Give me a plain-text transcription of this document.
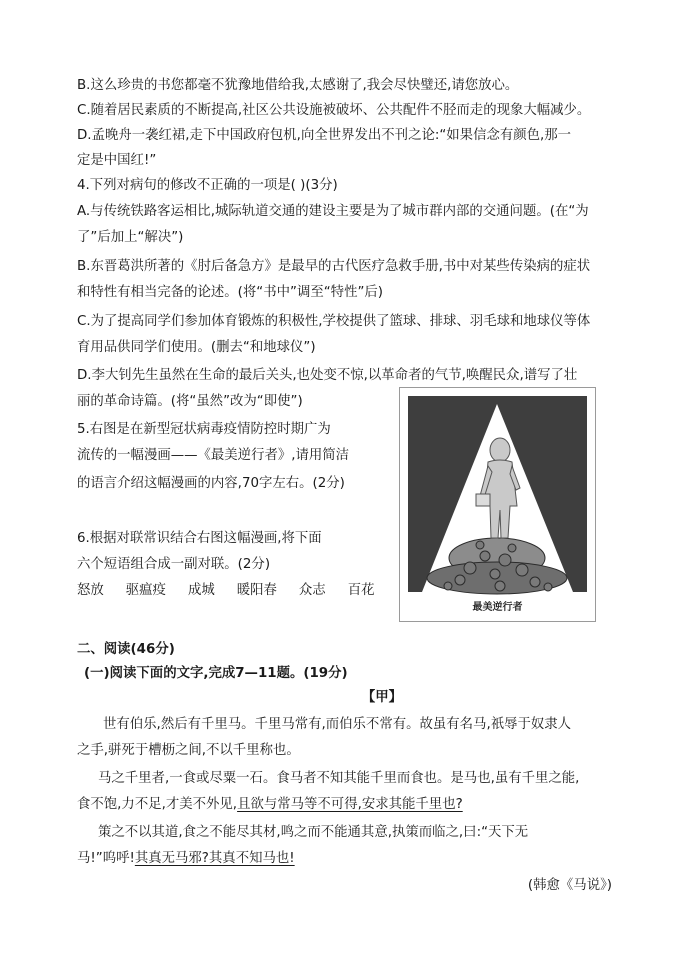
B.这么珍贵的书您都毫不犹豫地借给我,太感谢了,我会尽快璧还,请您放心。
C.随着居民素质的不断提高,社区公共设施被破坏、公共配件不胫而走的现象大幅减少。
D.孟晚舟一袭红裙,走下中国政府包机,向全世界发出不刊之论:“如果信念有颜色,那一
定是中国红!”
4.下列对病句的修改不正确的一项是( )(3分)
A.与传统铁路客运相比,城际轨道交通的建设主要是为了城市群内部的交通问题。(在“为
了”后加上“解决”)
B.东晋葛洪所著的《肘后备急方》是最早的古代医疗急救手册,书中对某些传染病的症状
和特性有相当完备的论述。(将“书中”调至“特性”后)
C.为了提高同学们参加体育锻炼的积极性,学校提供了篮球、排球、羽毛球和地球仪等体
育用品供同学们使用。(删去“和地球仪”)
D.李大钊先生虽然在生命的最后关头,也处变不惊,以革命者的气节,唤醒民众,谱写了壮
丽的革命诗篇。(将“虽然”改为“即使”)
5.右图是在新型冠状病毒疫情防控时期广为
流传的一幅漫画——《最美逆行者》,请用简洁
的语言介绍这幅漫画的内容,70字左右。(2分)
6.根据对联常识结合右图这幅漫画,将下面
六个短语组合成一副对联。(2分)
怒放 驱瘟疫 成城 暖阳春 众志 百花
最美逆行者
二、阅读(46分)
(一)阅读下面的文字,完成7—11题。(19分)
【甲】
世有伯乐,然后有千里马。千里马常有,而伯乐不常有。故虽有名马,祇辱于奴隶人
之手,骈死于槽枥之间,不以千里称也。
马之千里者,一食或尽粟一石。食马者不知其能千里而食也。是马也,虽有千里之能,
食不饱,力不足,才美不外见,且欲与常马等不可得,安求其能千里也?
策之不以其道,食之不能尽其材,鸣之而不能通其意,执策而临之,曰:“天下无
马!”呜呼!其真无马邪?其真不知马也!
(韩愈《马说》)
